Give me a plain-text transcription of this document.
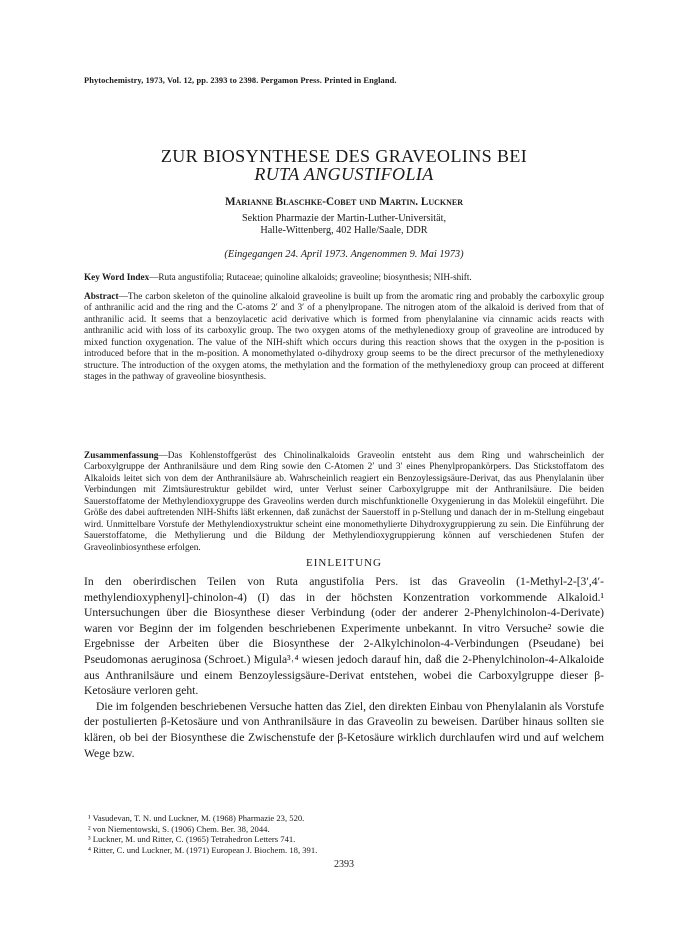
Phytochemistry, 1973, Vol. 12, pp. 2393 to 2398. Pergamon Press. Printed in England.
ZUR BIOSYNTHESE DES GRAVEOLINS BEI
RUTA ANGUSTIFOLIA
Marianne Blaschke-Cobet und Martin. Luckner
Sektion Pharmazie der Martin-Luther-Universität,
Halle-Wittenberg, 402 Halle/Saale, DDR
(Eingegangen 24. April 1973. Angenommen 9. Mai 1973)
Key Word Index—Ruta angustifolia; Rutaceae; quinoline alkaloids; graveoline; biosynthesis; NIH-shift.
Abstract—The carbon skeleton of the quinoline alkaloid graveoline is built up from the aromatic ring and probably the carboxylic group of anthranilic acid and the ring and the C-atoms 2′ and 3′ of a phenylpropane. The nitrogen atom of the alkaloid is derived from that of anthranilic acid. It seems that a benzoylacetic acid derivative which is formed from phenylalanine via cinnamic acids reacts with anthranilic acid with loss of its carboxylic group. The two oxygen atoms of the methylenedioxy group of graveoline are introduced by mixed function oxygenation. The value of the NIH-shift which occurs during this reaction shows that the oxygen in the p-position is introduced before that in the m-position. A monomethylated o-dihydroxy group seems to be the direct precursor of the methylenedioxy structure. The introduction of the oxygen atoms, the methylation and the formation of the methylenedioxy group can proceed at different stages in the pathway of graveoline biosynthesis.
Zusammenfassung—Das Kohlenstoffgerüst des Chinolinalkaloids Graveolin entsteht aus dem Ring und wahrscheinlich der Carboxylgruppe der Anthranilsäure und dem Ring sowie den C-Atomen 2′ und 3′ eines Phenylpropankörpers. Das Stickstoffatom des Alkaloids leitet sich von dem der Anthranilsäure ab. Wahrscheinlich reagiert ein Benzoylessigsäure-Derivat, das aus Phenylalanin über Verbindungen mit Zimtsäurestruktur gebildet wird, unter Verlust seiner Carboxylgruppe mit der Anthranilsäure. Die beiden Sauerstoffatome der Methylendioxygruppe des Graveolins werden durch mischfunktionelle Oxygenierung in das Molekül eingeführt. Die Größe des dabei auftretenden NIH-Shifts läßt erkennen, daß zunächst der Sauerstoff in p-Stellung und danach der in m-Stellung eingebaut wird. Unmittelbare Vorstufe der Methylendioxystruktur scheint eine monomethylierte Dihydroxygruppierung zu sein. Die Einführung der Sauerstoffatome, die Methylierung und die Bildung der Methylendioxygruppierung können auf verschiedenen Stufen der Graveolinbiosynthese erfolgen.
EINLEITUNG

In den oberirdischen Teilen von Ruta angustifolia Pers. ist das Graveolin (1-Methyl-2-[3′,4′-methylendioxyphenyl]-chinolon-4) (I) das in der höchsten Konzentration vorkommende Alkaloid.¹ Untersuchungen über die Biosynthese dieser Verbindung (oder der anderer 2-Phenylchinolon-4-Derivate) waren vor Beginn der im folgenden beschriebenen Experimente unbekannt. In vitro Versuche² sowie die Ergebnisse der Arbeiten über die Biosynthese der 2-Alkylchinolon-4-Verbindungen (Pseudane) bei Pseudomonas aeruginosa (Schroet.) Migula³˒⁴ wiesen jedoch darauf hin, daß die 2-Phenylchinolon-4-Alkaloide aus Anthranilsäure und einem Benzoylessigsäure-Derivat entstehen, wobei die Carboxylgruppe dieser β-Ketosäure verloren geht.

Die im folgenden beschriebenen Versuche hatten das Ziel, den direkten Einbau von Phenylalanin als Vorstufe der postulierten β-Ketosäure und von Anthranilsäure in das Graveolin zu beweisen. Darüber hinaus sollten sie klären, ob bei der Biosynthese die Zwischenstufe der β-Ketosäure wirklich durchlaufen wird und auf welchem Wege bzw.

¹ Vasudevan, T. N. und Luckner, M. (1968) Pharmazie 23, 520.
² von Niementowski, S. (1906) Chem. Ber. 38, 2044.
³ Luckner, M. und Ritter, C. (1965) Tetrahedron Letters 741.
⁴ Ritter, C. und Luckner, M. (1971) European J. Biochem. 18, 391.
2393
